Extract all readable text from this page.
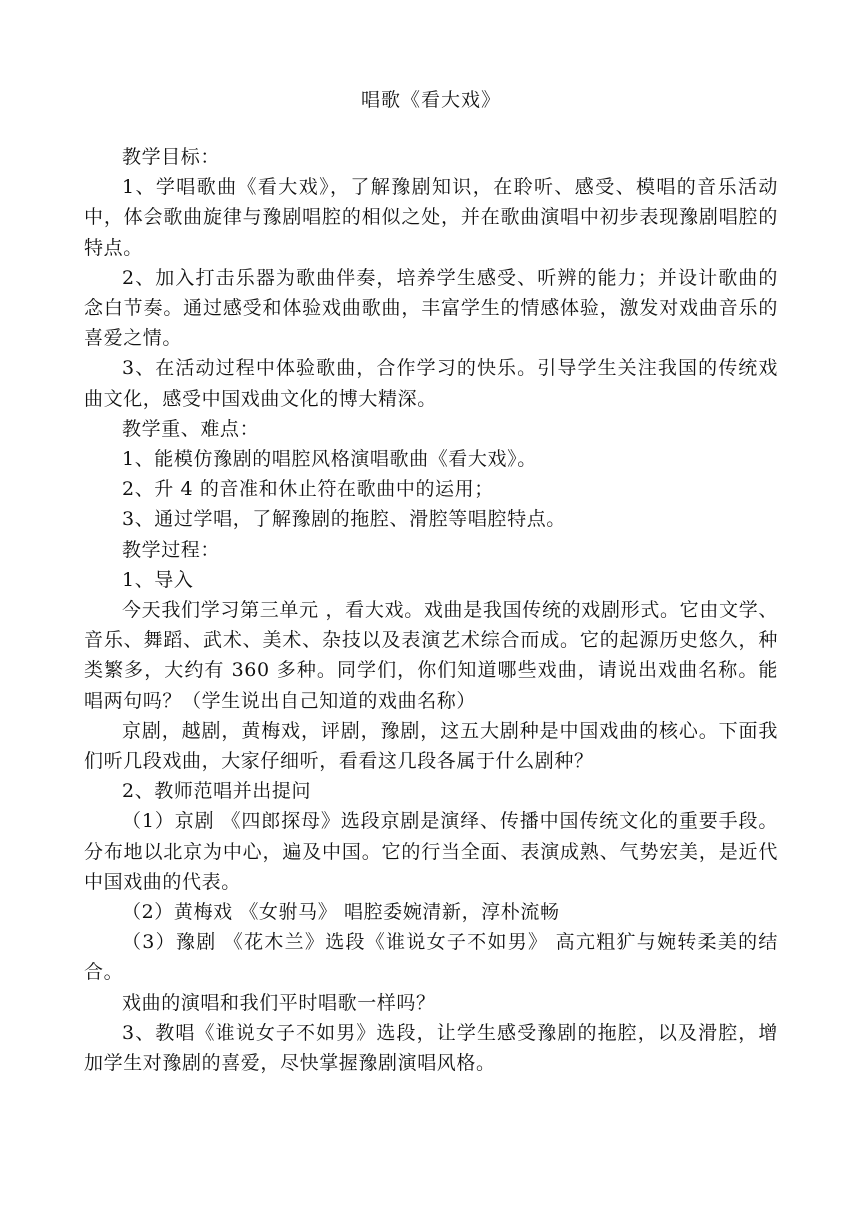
唱歌《看大戏》

教学目标：

1、学唱歌曲《看大戏》，了解豫剧知识，在聆听、感受、模唱的音乐活动中，体会歌曲旋律与豫剧唱腔的相似之处，并在歌曲演唱中初步表现豫剧唱腔的特点。

2、加入打击乐器为歌曲伴奏，培养学生感受、听辨的能力；并设计歌曲的念白节奏。通过感受和体验戏曲歌曲，丰富学生的情感体验，激发对戏曲音乐的喜爱之情。

3、在活动过程中体验歌曲，合作学习的快乐。引导学生关注我国的传统戏曲文化，感受中国戏曲文化的博大精深。

教学重、难点：

1、能模仿豫剧的唱腔风格演唱歌曲《看大戏》。

2、升 4 的音准和休止符在歌曲中的运用；

3、通过学唱，了解豫剧的拖腔、滑腔等唱腔特点。

教学过程：

1、导入

今天我们学习第三单元 ，看大戏。戏曲是我国传统的戏剧形式。它由文学、音乐、舞蹈、武术、美术、杂技以及表演艺术综合而成。它的起源历史悠久，种类繁多，大约有 360 多种。同学们，你们知道哪些戏曲，请说出戏曲名称。能唱两句吗？（学生说出自己知道的戏曲名称）

京剧，越剧，黄梅戏，评剧，豫剧，这五大剧种是中国戏曲的核心。下面我们听几段戏曲，大家仔细听，看看这几段各属于什么剧种？

2、教师范唱并出提问

（1）京剧 《四郎探母》选段京剧是演绎、传播中国传统文化的重要手段。分布地以北京为中心，遍及中国。它的行当全面、表演成熟、气势宏美，是近代中国戏曲的代表。

（2）黄梅戏 《女驸马》 唱腔委婉清新，淳朴流畅

（3）豫剧 《花木兰》选段《谁说女子不如男》 高亢粗犷与婉转柔美的结合。

戏曲的演唱和我们平时唱歌一样吗？

3、教唱《谁说女子不如男》选段，让学生感受豫剧的拖腔，以及滑腔，增加学生对豫剧的喜爱，尽快掌握豫剧演唱风格。
